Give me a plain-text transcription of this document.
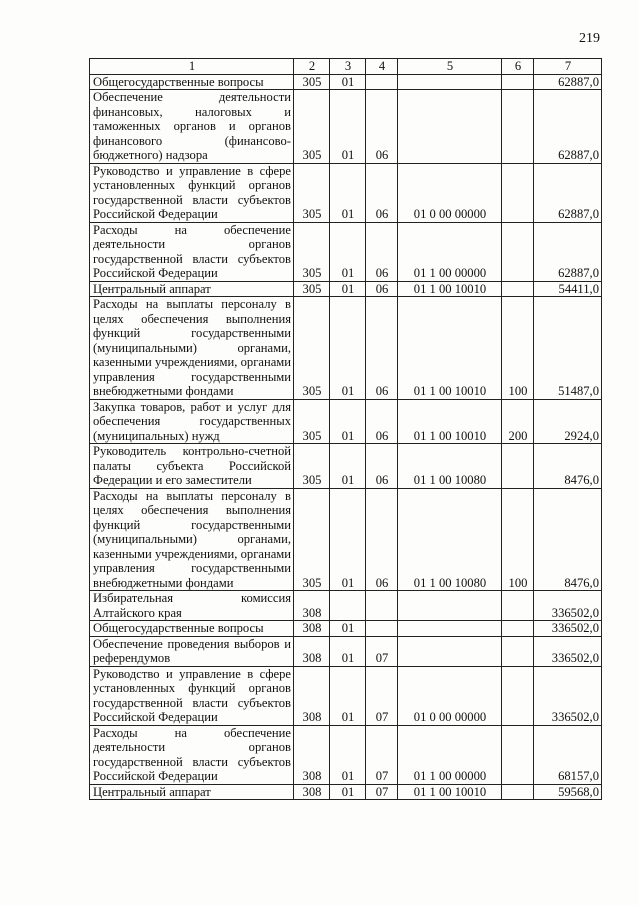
219
1	2	3	4	5	6	7
Общегосударственные вопросы	305	01				62887,0
Обеспечение деятельности финансовых, налоговых и таможенных органов и органов финансового (финансово-бюджетного) надзора	305	01	06			62887,0
Руководство и управление в сфере установленных функций органов государственной власти субъектов Российской Федерации	305	01	06	01 0 00 00000		62887,0
Расходы на обеспечение деятельности органов государственной власти субъектов Российской Федерации	305	01	06	01 1 00 00000		62887,0
Центральный аппарат	305	01	06	01 1 00 10010		54411,0
Расходы на выплаты персоналу в целях обеспечения выполнения функций государственными (муниципальными) органами, казенными учреждениями, органами управления государственными внебюджетными фондами	305	01	06	01 1 00 10010	100	51487,0
Закупка товаров, работ и услуг для обеспечения государственных (муниципальных) нужд	305	01	06	01 1 00 10010	200	2924,0
Руководитель контрольно-счетной палаты субъекта Российской Федерации и его заместители	305	01	06	01 1 00 10080		8476,0
Расходы на выплаты персоналу в целях обеспечения выполнения функций государственными (муниципальными) органами, казенными учреждениями, органами управления государственными внебюджетными фондами	305	01	06	01 1 00 10080	100	8476,0
Избирательная комиссия Алтайского края	308					336502,0
Общегосударственные вопросы	308	01				336502,0
Обеспечение проведения выборов и референдумов	308	01	07			336502,0
Руководство и управление в сфере установленных функций органов государственной власти субъектов Российской Федерации	308	01	07	01 0 00 00000		336502,0
Расходы на обеспечение деятельности органов государственной власти субъектов Российской Федерации	308	01	07	01 1 00 00000		68157,0
Центральный аппарат	308	01	07	01 1 00 10010		59568,0
